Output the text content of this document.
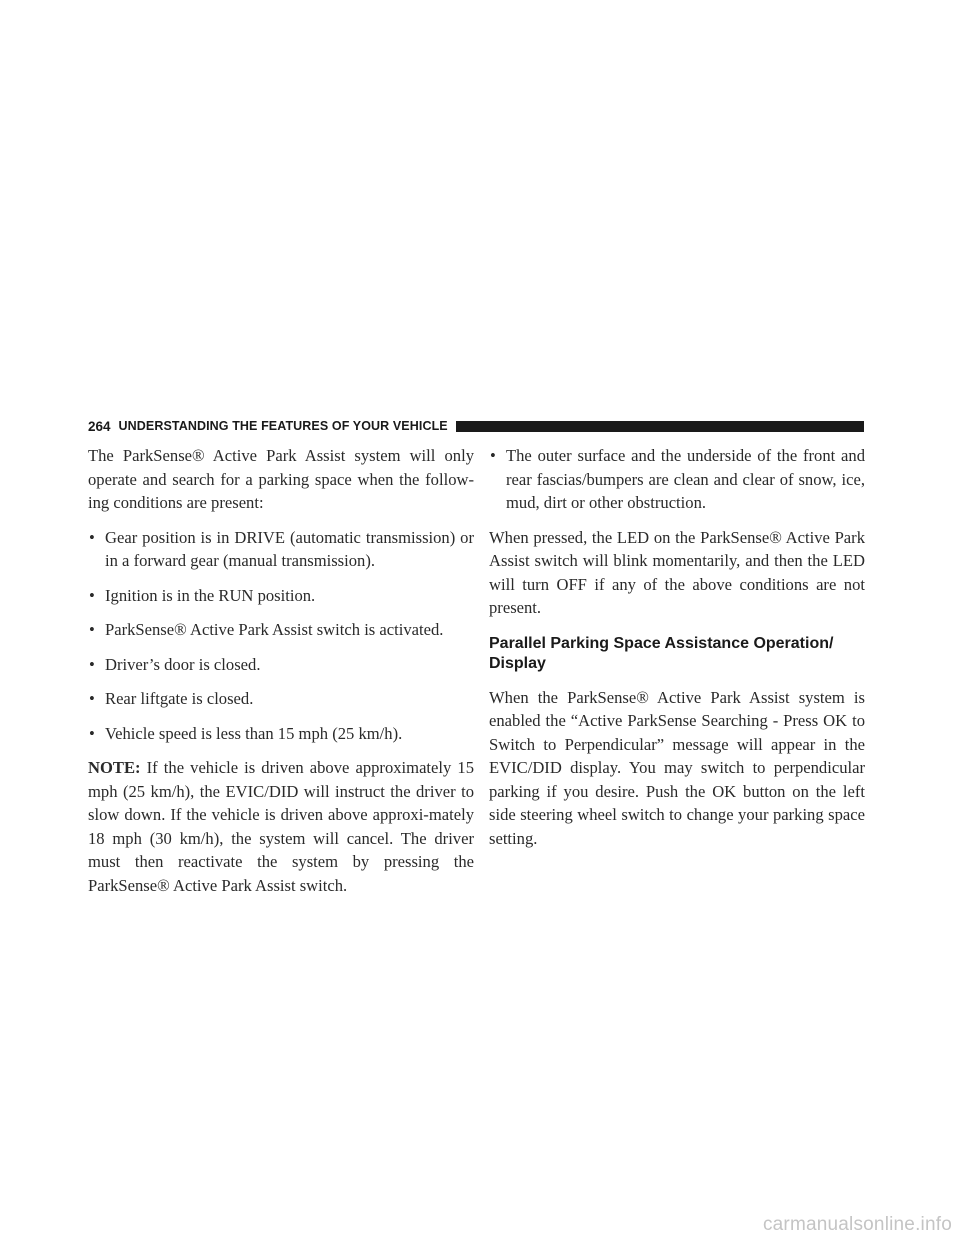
264 UNDERSTANDING THE FEATURES OF YOUR VEHICLE

The ParkSense® Active Park Assist system will only operate and search for a parking space when the follow-ing conditions are present:

• Gear position is in DRIVE (automatic transmission) or in a forward gear (manual transmission).
• Ignition is in the RUN position.
• ParkSense® Active Park Assist switch is activated.
• Driver’s door is closed.
• Rear liftgate is closed.
• Vehicle speed is less than 15 mph (25 km/h).

NOTE: If the vehicle is driven above approximately 15 mph (25 km/h), the EVIC/DID will instruct the driver to slow down. If the vehicle is driven above approxi-mately 18 mph (30 km/h), the system will cancel. The driver must then reactivate the system by pressing the ParkSense® Active Park Assist switch.

• The outer surface and the underside of the front and rear fascias/bumpers are clean and clear of snow, ice, mud, dirt or other obstruction.

When pressed, the LED on the ParkSense® Active Park Assist switch will blink momentarily, and then the LED will turn OFF if any of the above conditions are not present.

Parallel Parking Space Assistance Operation/ Display

When the ParkSense® Active Park Assist system is enabled the “Active ParkSense Searching - Press OK to Switch to Perpendicular” message will appear in the EVIC/DID display. You may switch to perpendicular parking if you desire. Push the OK button on the left side steering wheel switch to change your parking space setting.

carmanualsonline.info
